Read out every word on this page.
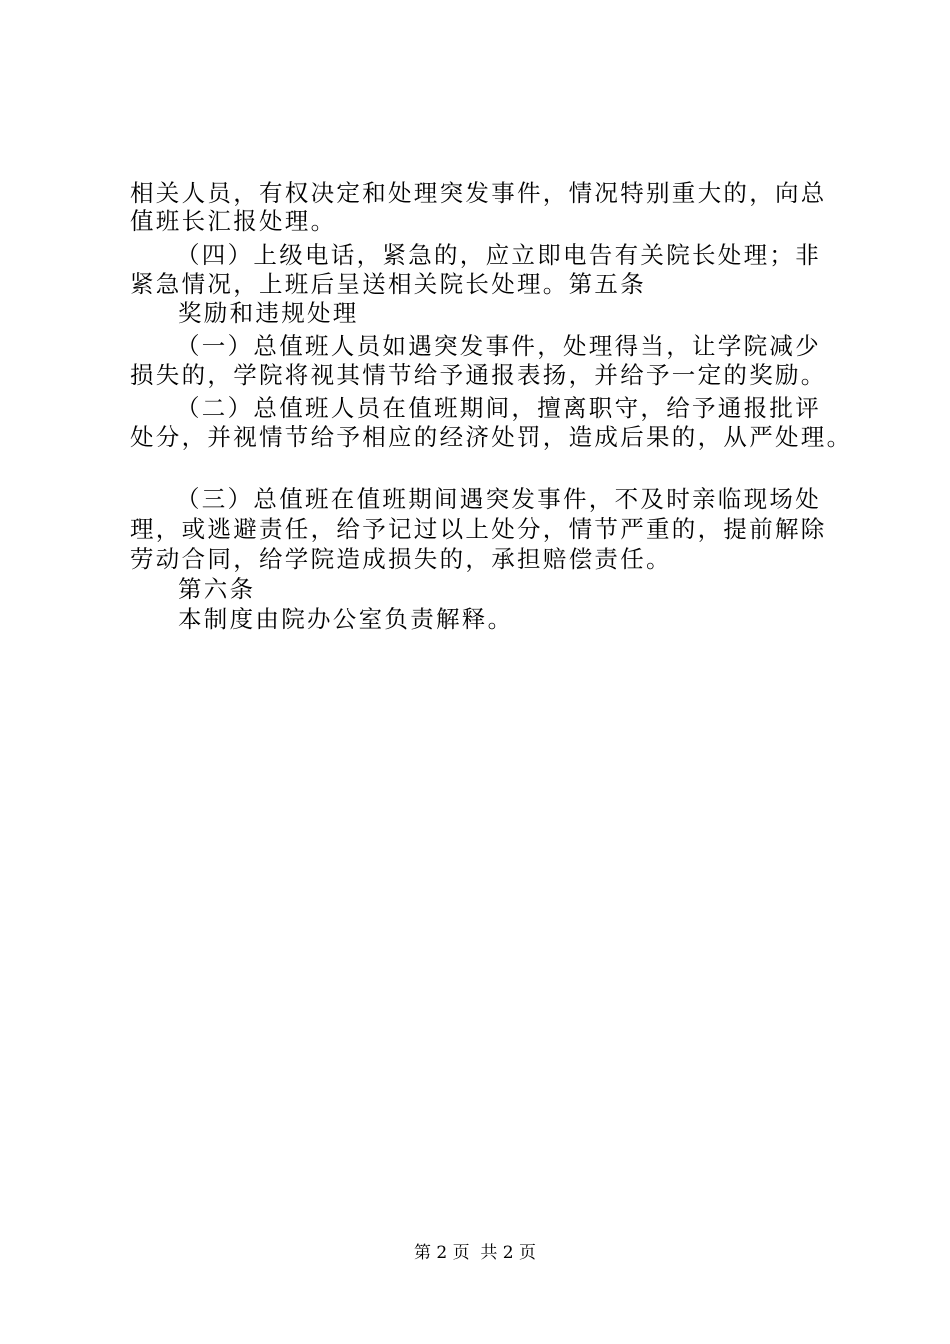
相关人员，有权决定和处理突发事件，情况特别重大的，向总
值班长汇报处理。
（四）上级电话，紧急的，应立即电告有关院长处理；非
紧急情况，上班后呈送相关院长处理。第五条
奖励和违规处理
（一）总值班人员如遇突发事件，处理得当，让学院减少
损失的，学院将视其情节给予通报表扬，并给予一定的奖励。
（二）总值班人员在值班期间，擅离职守，给予通报批评
处分，并视情节给予相应的经济处罚，造成后果的，从严处理。
（三）总值班在值班期间遇突发事件，不及时亲临现场处
理，或逃避责任，给予记过以上处分，情节严重的，提前解除
劳动合同，给学院造成损失的，承担赔偿责任。
第六条
本制度由院办公室负责解释。
第 2 页  共 2 页
